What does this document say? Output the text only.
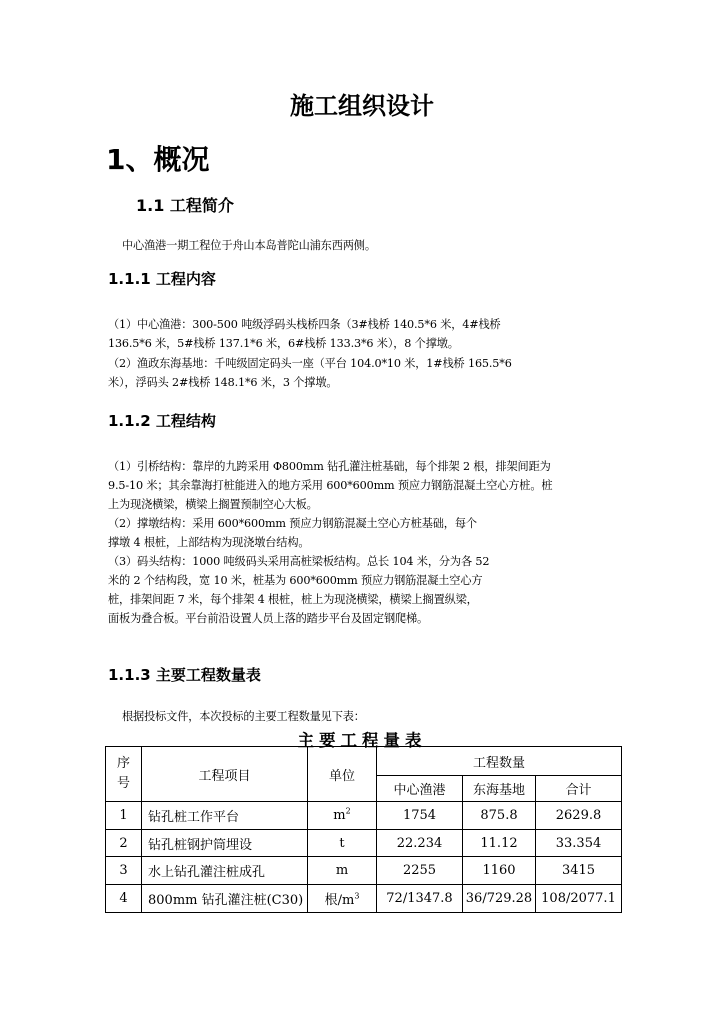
施工组织设计
1、概况
1.1 工程简介
中心渔港一期工程位于舟山本岛普陀山浦东西两侧。
1.1.1 工程内容
（1）中心渔港：300-500 吨级浮码头栈桥四条（3#栈桥 140.5*6 米，4#栈桥
136.5*6 米，5#栈桥 137.1*6 米，6#栈桥 133.3*6 米），8 个撑墩。
（2）渔政东海基地：千吨级固定码头一座（平台 104.0*10 米，1#栈桥 165.5*6
米），浮码头 2#栈桥 148.1*6 米，3 个撑墩。
1.1.2 工程结构
（1）引桥结构：靠岸的九跨采用 Φ800mm 钻孔灌注桩基础，每个排架 2 根，排架间距为
9.5-10 米；其余靠海打桩能进入的地方采用 600*600mm 预应力钢筋混凝土空心方桩。桩
上为现浇横梁，横梁上搁置预制空心大板。
（2）撑墩结构：采用 600*600mm 预应力钢筋混凝土空心方桩基础，每个
撑墩 4 根桩，上部结构为现浇墩台结构。
（3）码头结构：1000 吨级码头采用高桩梁板结构。总长 104 米，分为各 52
米的 2 个结构段，宽 10 米，桩基为 600*600mm 预应力钢筋混凝土空心方
桩，排架间距 7 米，每个排架 4 根桩，桩上为现浇横梁，横梁上搁置纵梁，
面板为叠合板。平台前沿设置人员上落的踏步平台及固定钢爬梯。
1.1.3 主要工程数量表
根据投标文件，本次投标的主要工程数量见下表：
主要工程量表
序号	工程项目	单位	工程数量		
			中心渔港	东海基地	合计
1	钻孔桩工作平台	$m^2$	1754	875.8	2629.8
2	钻孔桩钢护筒埋设	t	22.234	11.12	33.354
3	水上钻孔灌注桩成孔	m	2255	1160	3415
4	800mm 钻孔灌注桩(C30)	根$/m^3$	72/1347.8	36/729.28	108/2077.1
